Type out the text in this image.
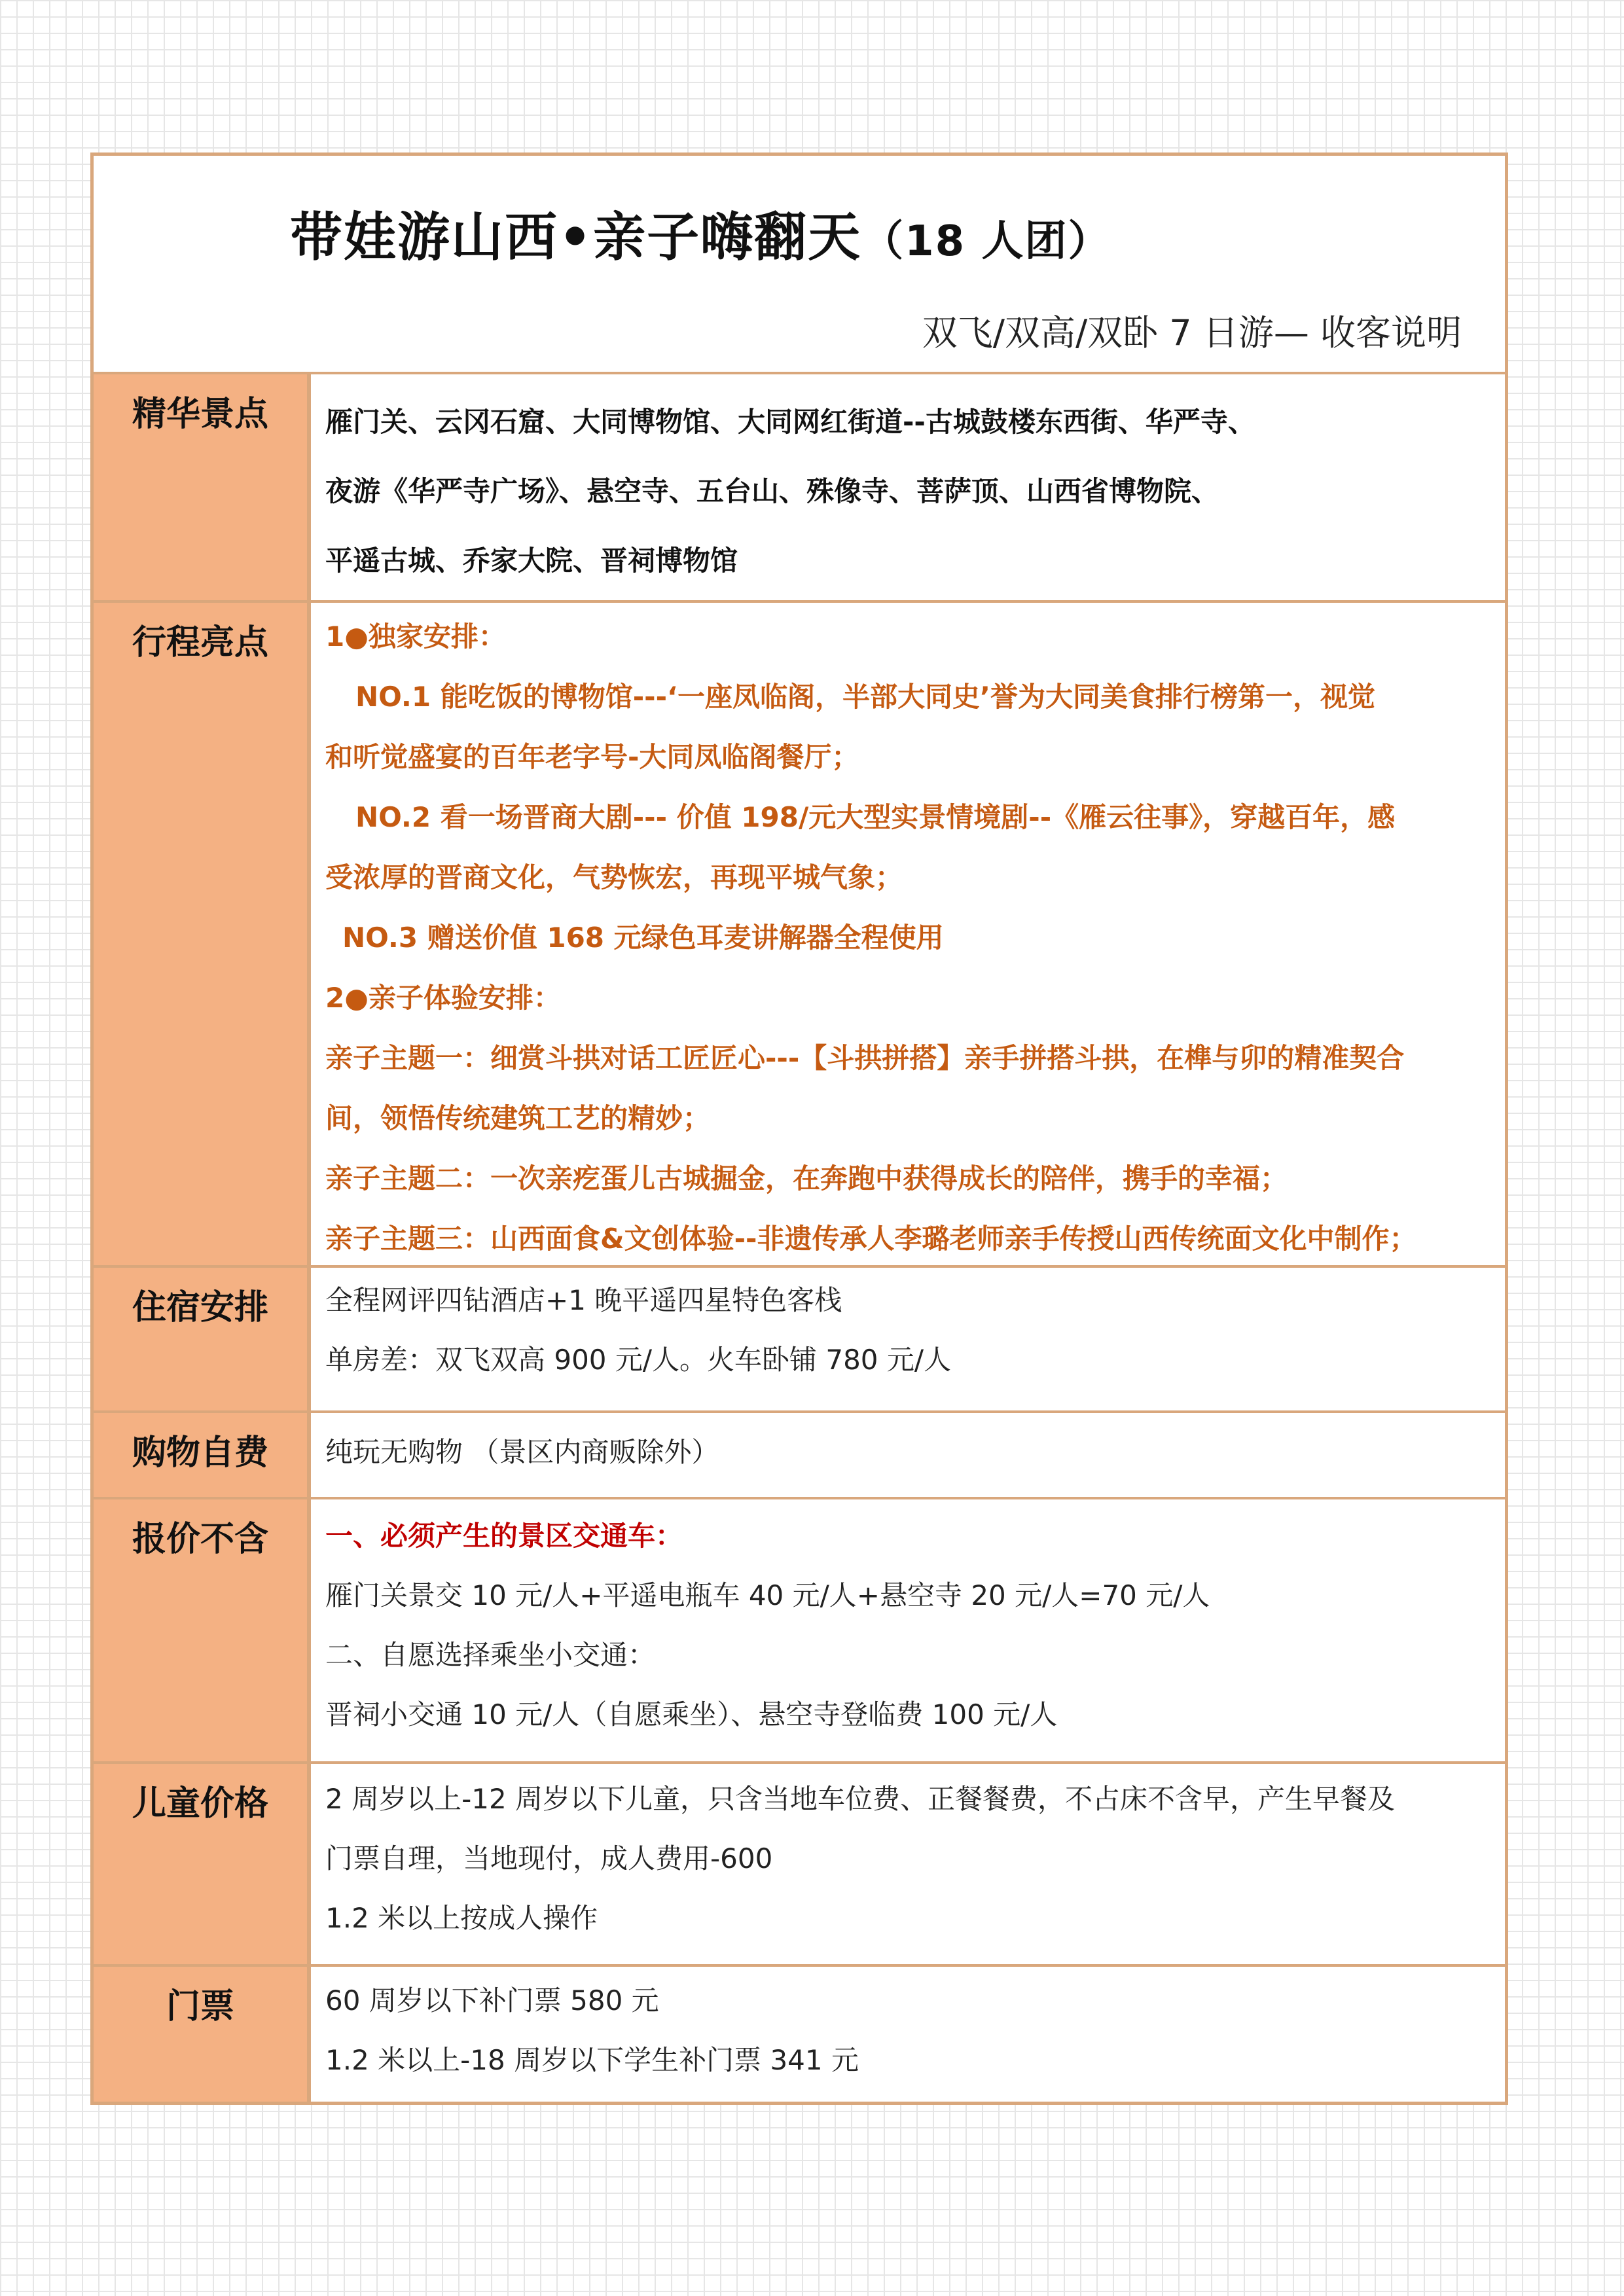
带娃游山西•亲子嗨翻天（18 人团）
双飞/双高/双卧 7 日游— 收客说明
精华景点	雁门关、云冈石窟、大同博物馆、大同网红街道--古城鼓楼东西街、华严寺、
夜游《华严寺广场》、悬空寺、五台山、殊像寺、菩萨顶、山西省博物院、
平遥古城、乔家大院、晋祠博物馆
行程亮点	1●独家安排：
NO.1 能吃饭的博物馆---‘一座凤临阁，半部大同史’誉为大同美食排行榜第一，视觉
和听觉盛宴的百年老字号-大同凤临阁餐厅；
NO.2 看一场晋商大剧--- 价值 198/元大型实景情境剧--《雁云往事》，穿越百年，感
受浓厚的晋商文化，气势恢宏，再现平城气象；
NO.3 赠送价值 168 元绿色耳麦讲解器全程使用
2●亲子体验安排：
亲子主题一：细赏斗拱对话工匠匠心---【斗拱拼搭】亲手拼搭斗拱，在榫与卯的精准契合
间，领悟传统建筑工艺的精妙；
亲子主题二：一次亲疙蛋儿古城掘金，在奔跑中获得成长的陪伴，携手的幸福；
亲子主题三：山西面食&文创体验--非遗传承人李璐老师亲手传授山西传统面文化中制作；
住宿安排	全程网评四钻酒店+1 晚平遥四星特色客栈
单房差：双飞双高 900 元/人。火车卧铺 780 元/人
购物自费	纯玩无购物 （景区内商贩除外）
报价不含	一、必须产生的景区交通车：
雁门关景交 10 元/人+平遥电瓶车 40 元/人+悬空寺 20 元/人=70 元/人
二、自愿选择乘坐小交通：
晋祠小交通 10 元/人（自愿乘坐）、悬空寺登临费 100 元/人
儿童价格	2 周岁以上-12 周岁以下儿童，只含当地车位费、正餐餐费，不占床不含早，产生早餐及
门票自理，当地现付，成人费用-600
1.2 米以上按成人操作
门票	60 周岁以下补门票 580 元
1.2 米以上-18 周岁以下学生补门票 341 元
